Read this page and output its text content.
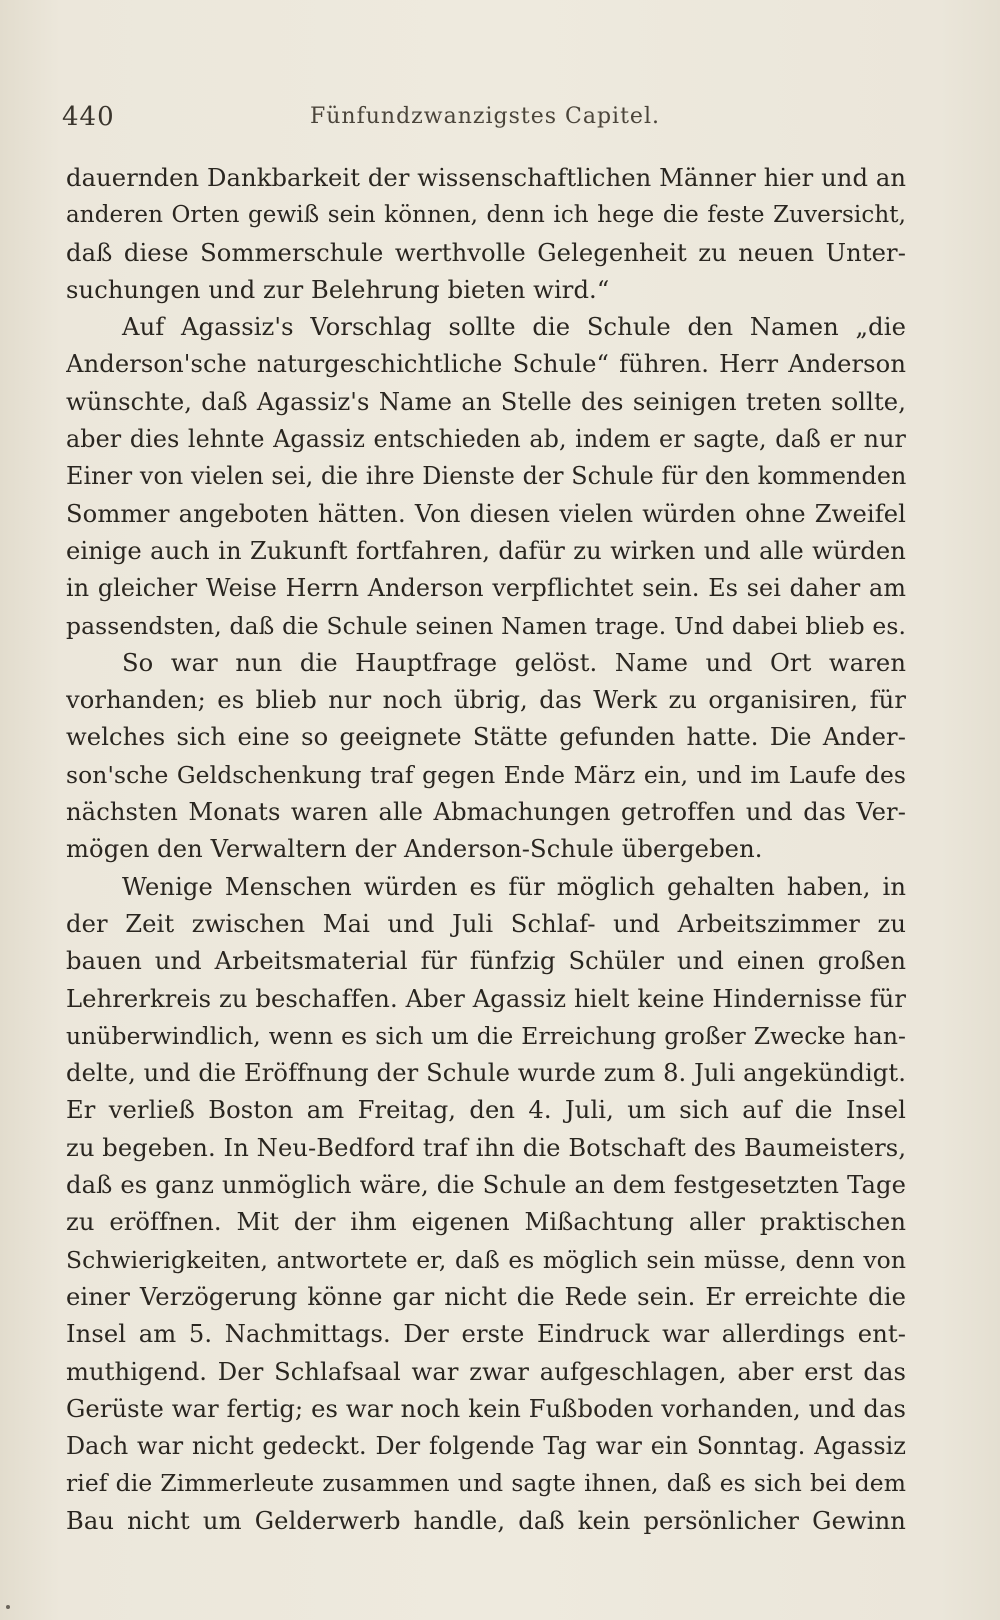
440	Fünfundzwanzigstes Capitel.
dauernden Dankbarkeit der wissenschaftlichen Männer hier und an
anderen Orten gewiß sein können, denn ich hege die feste Zuversicht,
daß diese Sommerschule werthvolle Gelegenheit zu neuen Unter-
suchungen und zur Belehrung bieten wird.“
Auf Agassiz's Vorschlag sollte die Schule den Namen „die
Anderson'sche naturgeschichtliche Schule“ führen. Herr Anderson
wünschte, daß Agassiz's Name an Stelle des seinigen treten sollte,
aber dies lehnte Agassiz entschieden ab, indem er sagte, daß er nur
Einer von vielen sei, die ihre Dienste der Schule für den kommenden
Sommer angeboten hätten. Von diesen vielen würden ohne Zweifel
einige auch in Zukunft fortfahren, dafür zu wirken und alle würden
in gleicher Weise Herrn Anderson verpflichtet sein. Es sei daher am
passendsten, daß die Schule seinen Namen trage. Und dabei blieb es.
So war nun die Hauptfrage gelöst. Name und Ort waren
vorhanden; es blieb nur noch übrig, das Werk zu organisiren, für
welches sich eine so geeignete Stätte gefunden hatte. Die Ander-
son'sche Geldschenkung traf gegen Ende März ein, und im Laufe des
nächsten Monats waren alle Abmachungen getroffen und das Ver-
mögen den Verwaltern der Anderson-Schule übergeben.
Wenige Menschen würden es für möglich gehalten haben, in
der Zeit zwischen Mai und Juli Schlaf- und Arbeitszimmer zu
bauen und Arbeitsmaterial für fünfzig Schüler und einen großen
Lehrerkreis zu beschaffen. Aber Agassiz hielt keine Hindernisse für
unüberwindlich, wenn es sich um die Erreichung großer Zwecke han-
delte, und die Eröffnung der Schule wurde zum 8. Juli angekündigt.
Er verließ Boston am Freitag, den 4. Juli, um sich auf die Insel
zu begeben. In Neu-Bedford traf ihn die Botschaft des Baumeisters,
daß es ganz unmöglich wäre, die Schule an dem festgesetzten Tage
zu eröffnen. Mit der ihm eigenen Mißachtung aller praktischen
Schwierigkeiten, antwortete er, daß es möglich sein müsse, denn von
einer Verzögerung könne gar nicht die Rede sein. Er erreichte die
Insel am 5. Nachmittags. Der erste Eindruck war allerdings ent-
muthigend. Der Schlafsaal war zwar aufgeschlagen, aber erst das
Gerüste war fertig; es war noch kein Fußboden vorhanden, und das
Dach war nicht gedeckt. Der folgende Tag war ein Sonntag. Agassiz
rief die Zimmerleute zusammen und sagte ihnen, daß es sich bei dem
Bau nicht um Gelderwerb handle, daß kein persönlicher Gewinn
